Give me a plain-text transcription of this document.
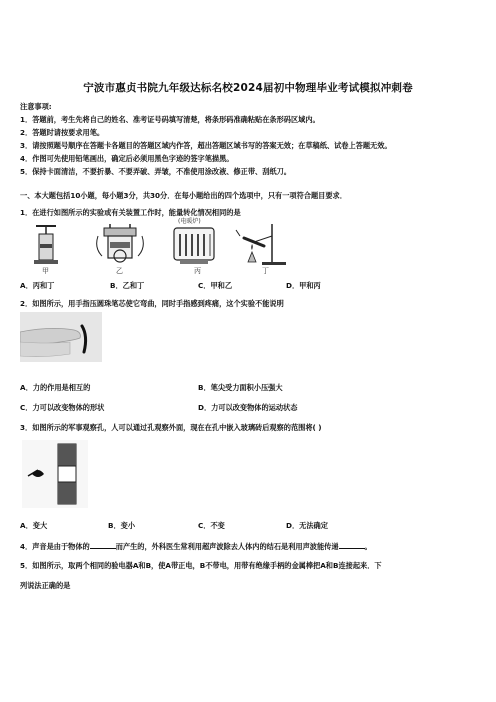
宁波市惠贞书院九年级达标名校2024届初中物理毕业考试模拟冲刺卷
注意事项:
1．答题前，考生先将自己的姓名、准考证号码填写清楚，将条形码准确粘贴在条形码区域内。
2．答题时请按要求用笔。
3．请按照题号顺序在答题卡各题目的答题区域内作答，超出答题区域书写的答案无效；在草稿纸、试卷上答题无效。
4．作图可先使用铅笔画出，确定后必须用黑色字迹的签字笔描黑。
5．保持卡面清洁，不要折暴、不要弄破、弄皱，不准使用涂改液、修正带、刮纸刀。
一、本大题包括10小题，每小题3分，共30分．在每小题给出的四个选项中，只有一项符合题目要求．
1．在进行如图所示的实验或有关装置工作时，能量转化情况相同的是
甲	乙
(电暖炉)
丙	丁
A．丙和丁	B．乙和丁	C．甲和乙	D．甲和丙
2．如图所示，用手指压圆珠笔芯使它弯曲，同时手指感到疼痛，这个实验不能说明
A．力的作用是相互的	B．笔尖受力面积小压强大
C．力可以改变物体的形状	D．力可以改变物体的运动状态
3．如图所示的军事观察孔，人可以通过孔观察外面，现在在孔中嵌入玻璃砖后观察的范围将( )
A．变大	B．变小	C．不变	D．无法确定
4．声音是由于物体的	而产生的，外科医生常利用超声波除去人体内的结石是利用声波能传递	。
5．如图所示，取两个相同的验电器A和B，使A带正电，B不带电，用带有绝缘手柄的金属棒把A和B连接起来．下
列说法正确的是
